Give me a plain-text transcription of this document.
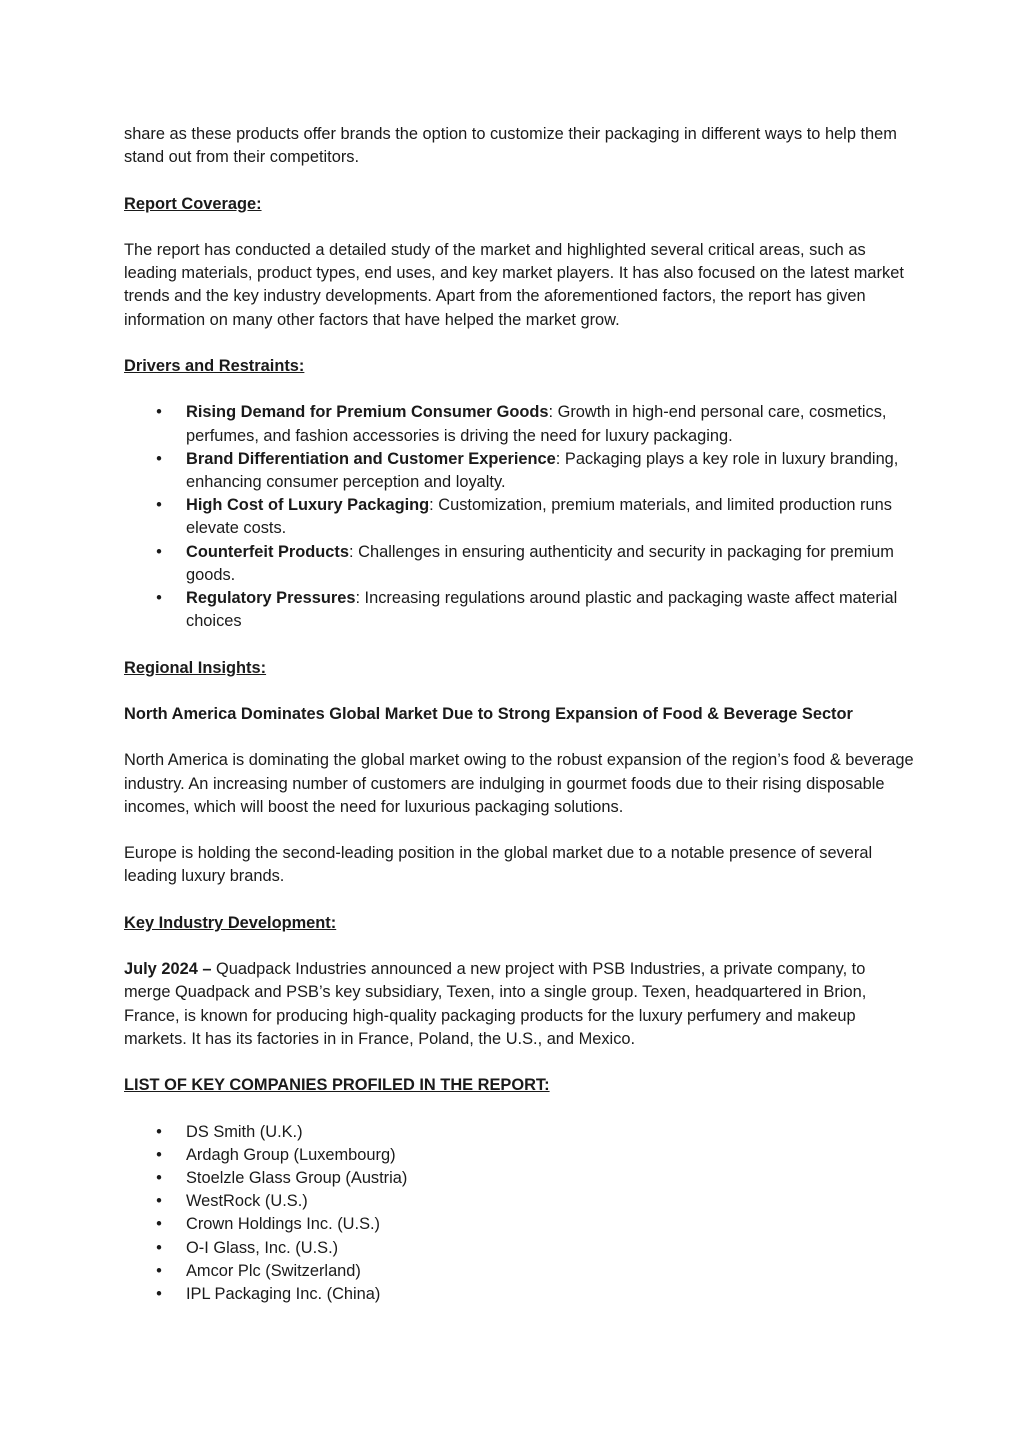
share as these products offer brands the option to customize their packaging in different ways to help them stand out from their competitors.

Report Coverage:

The report has conducted a detailed study of the market and highlighted several critical areas, such as leading materials, product types, end uses, and key market players. It has also focused on the latest market trends and the key industry developments. Apart from the aforementioned factors, the report has given information on many other factors that have helped the market grow.

Drivers and Restraints:
• Rising Demand for Premium Consumer Goods: Growth in high-end personal care, cosmetics, perfumes, and fashion accessories is driving the need for luxury packaging.
• Brand Differentiation and Customer Experience: Packaging plays a key role in luxury branding, enhancing consumer perception and loyalty.
• High Cost of Luxury Packaging: Customization, premium materials, and limited production runs elevate costs.
• Counterfeit Products: Challenges in ensuring authenticity and security in packaging for premium goods.
• Regulatory Pressures: Increasing regulations around plastic and packaging waste affect material choices
Regional Insights:
North America Dominates Global Market Due to Strong Expansion of Food & Beverage Sector

North America is dominating the global market owing to the robust expansion of the region’s food & beverage industry. An increasing number of customers are indulging in gourmet foods due to their rising disposable incomes, which will boost the need for luxurious packaging solutions.

Europe is holding the second-leading position in the global market due to a notable presence of several leading luxury brands.

Key Industry Development:

July 2024 – Quadpack Industries announced a new project with PSB Industries, a private company, to merge Quadpack and PSB’s key subsidiary, Texen, into a single group. Texen, headquartered in Brion, France, is known for producing high-quality packaging products for the luxury perfumery and makeup markets. It has its factories in in France, Poland, the U.S., and Mexico.

LIST OF KEY COMPANIES PROFILED IN THE REPORT:
• DS Smith (U.K.)
• Ardagh Group (Luxembourg)
• Stoelzle Glass Group (Austria)
• WestRock (U.S.)
• Crown Holdings Inc. (U.S.)
• O-I Glass, Inc. (U.S.)
• Amcor Plc (Switzerland)
• IPL Packaging Inc. (China)
